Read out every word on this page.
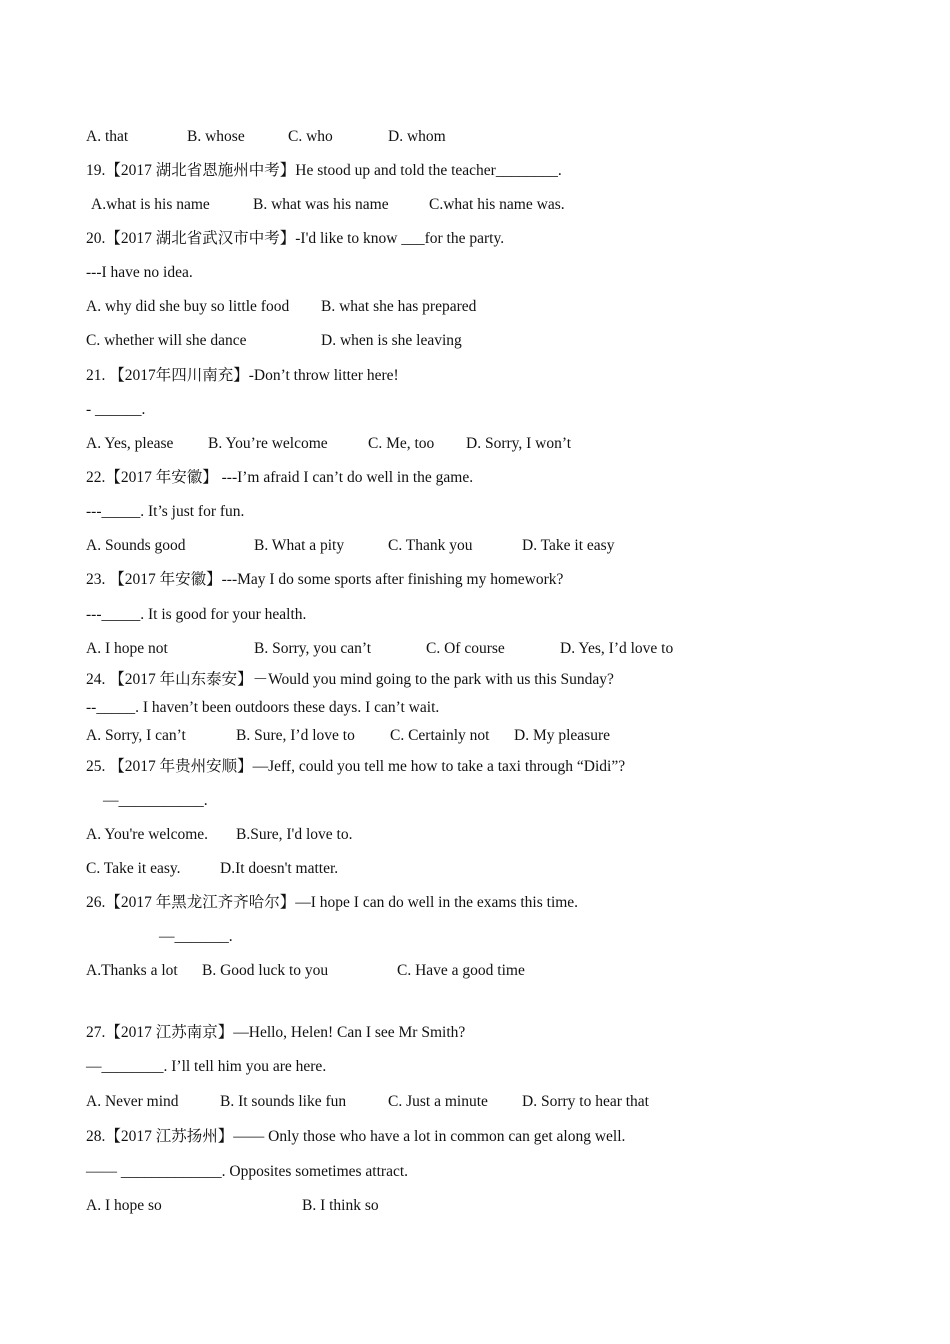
A. that	B. whose	C. who	D. whom
19.【2017 湖北省恩施州中考】He stood up and told the teacher________.
A.what is his name	B. what was his name	C.what his name was.
20.【2017 湖北省武汉市中考】-I'd like to know ___for the party.
---I have no idea.
A. why did she buy so little food B. what she has prepared
C. whether will she dance	D. when is she leaving
21. 【2017年四川南充】-Don’t throw litter here!
- ______.
A. Yes, please B. You’re welcome	C. Me, too D. Sorry, I won’t
22.【2017 年安徽】 ---I’m afraid I can’t do well in the game.
---_____. It’s just for fun.
A. Sounds good	B. What a pity	C. Thank you	D. Take it easy
23. 【2017 年安徽】---May I do some sports after finishing my homework?
---_____. It is good for your health.
A. I hope not	B. Sorry, you can’t	C. Of course	D. Yes, I’d love to
24. 【2017 年山东泰安】－Would you mind going to the park with us this Sunday?
--_____. I haven’t been outdoors these days. I can’t wait.
A. Sorry, I can’t	B. Sure, I’d love to C. Certainly not D. My pleasure
25. 【2017 年贵州安顺】—Jeff, could you tell me how to take a taxi through “Didi”?
—___________.
A. You're welcome. B.Sure, I'd love to.
C. Take it easy.	D.It doesn't matter.
26.【2017 年黑龙江齐齐哈尔】—I hope I can do well in the exams this time.
—_______.
A.Thanks a lot B. Good luck to you	C. Have a good time
27.【2017 江苏南京】—Hello, Helen! Can I see Mr Smith?
—________. I’ll tell him you are here.
A. Never mind	B. It sounds like fun	C. Just a minute D. Sorry to hear that
28.【2017 江苏扬州】—— Only those who have a lot in common can get along well.
—— _____________. Opposites sometimes attract.
A. I hope so	B. I think so
